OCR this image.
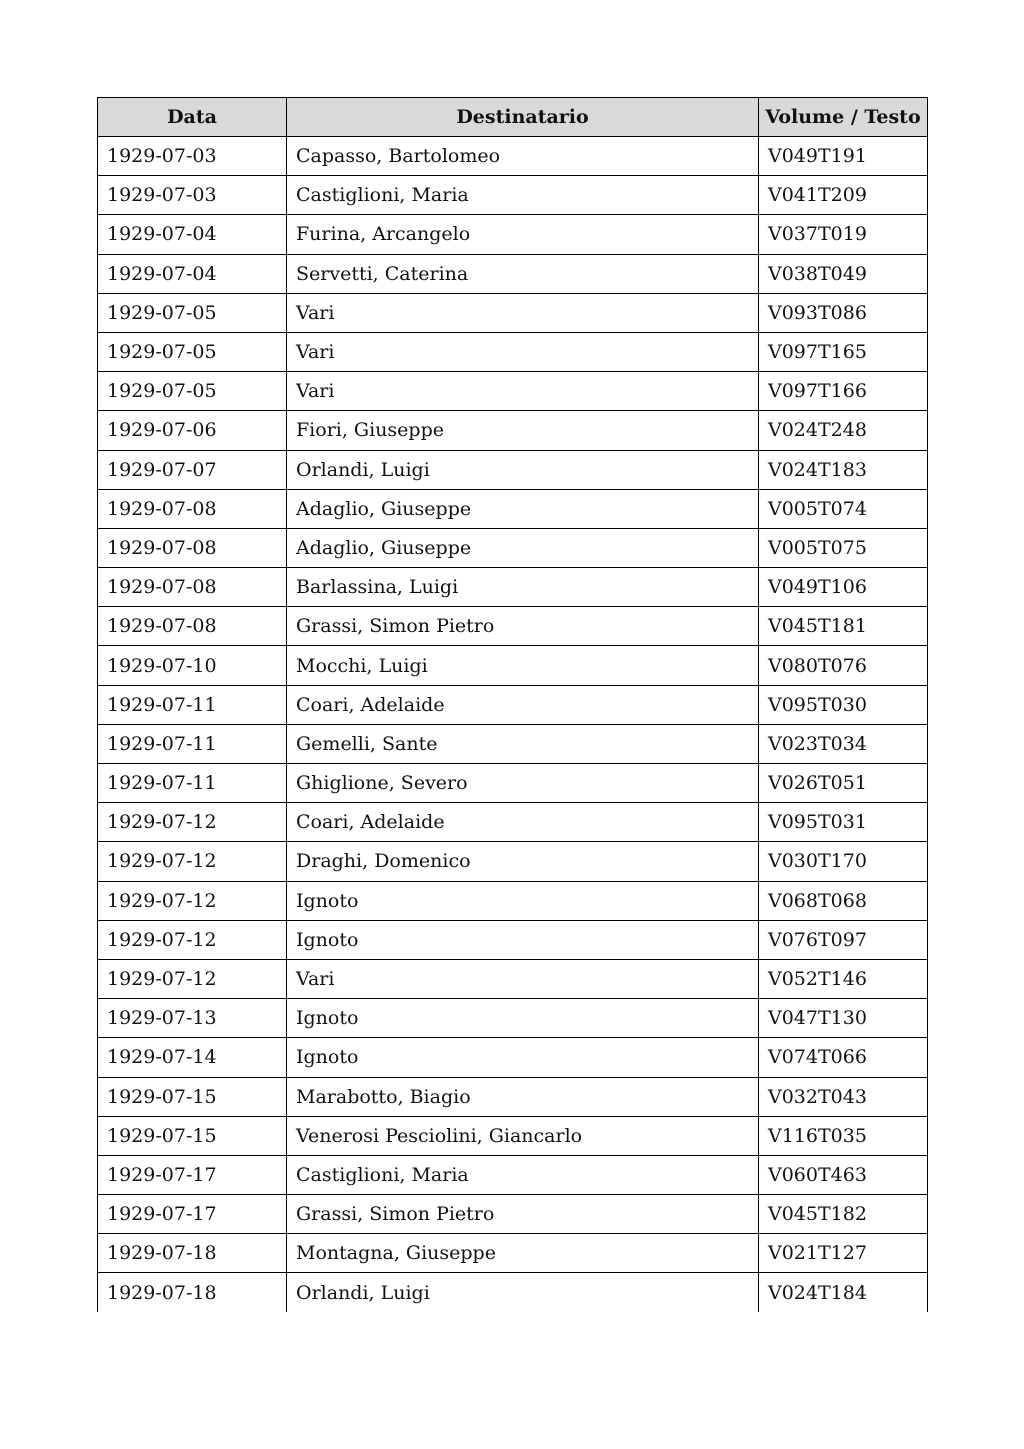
Data	Destinatario	Volume / Testo
1929-07-03	Capasso, Bartolomeo	V049T191
1929-07-03	Castiglioni, Maria	V041T209
1929-07-04	Furina, Arcangelo	V037T019
1929-07-04	Servetti, Caterina	V038T049
1929-07-05	Vari	V093T086
1929-07-05	Vari	V097T165
1929-07-05	Vari	V097T166
1929-07-06	Fiori, Giuseppe	V024T248
1929-07-07	Orlandi, Luigi	V024T183
1929-07-08	Adaglio, Giuseppe	V005T074
1929-07-08	Adaglio, Giuseppe	V005T075
1929-07-08	Barlassina, Luigi	V049T106
1929-07-08	Grassi, Simon Pietro	V045T181
1929-07-10	Mocchi, Luigi	V080T076
1929-07-11	Coari, Adelaide	V095T030
1929-07-11	Gemelli, Sante	V023T034
1929-07-11	Ghiglione, Severo	V026T051
1929-07-12	Coari, Adelaide	V095T031
1929-07-12	Draghi, Domenico	V030T170
1929-07-12	Ignoto	V068T068
1929-07-12	Ignoto	V076T097
1929-07-12	Vari	V052T146
1929-07-13	Ignoto	V047T130
1929-07-14	Ignoto	V074T066
1929-07-15	Marabotto, Biagio	V032T043
1929-07-15	Venerosi Pesciolini, Giancarlo	V116T035
1929-07-17	Castiglioni, Maria	V060T463
1929-07-17	Grassi, Simon Pietro	V045T182
1929-07-18	Montagna, Giuseppe	V021T127
1929-07-18	Orlandi, Luigi	V024T184
